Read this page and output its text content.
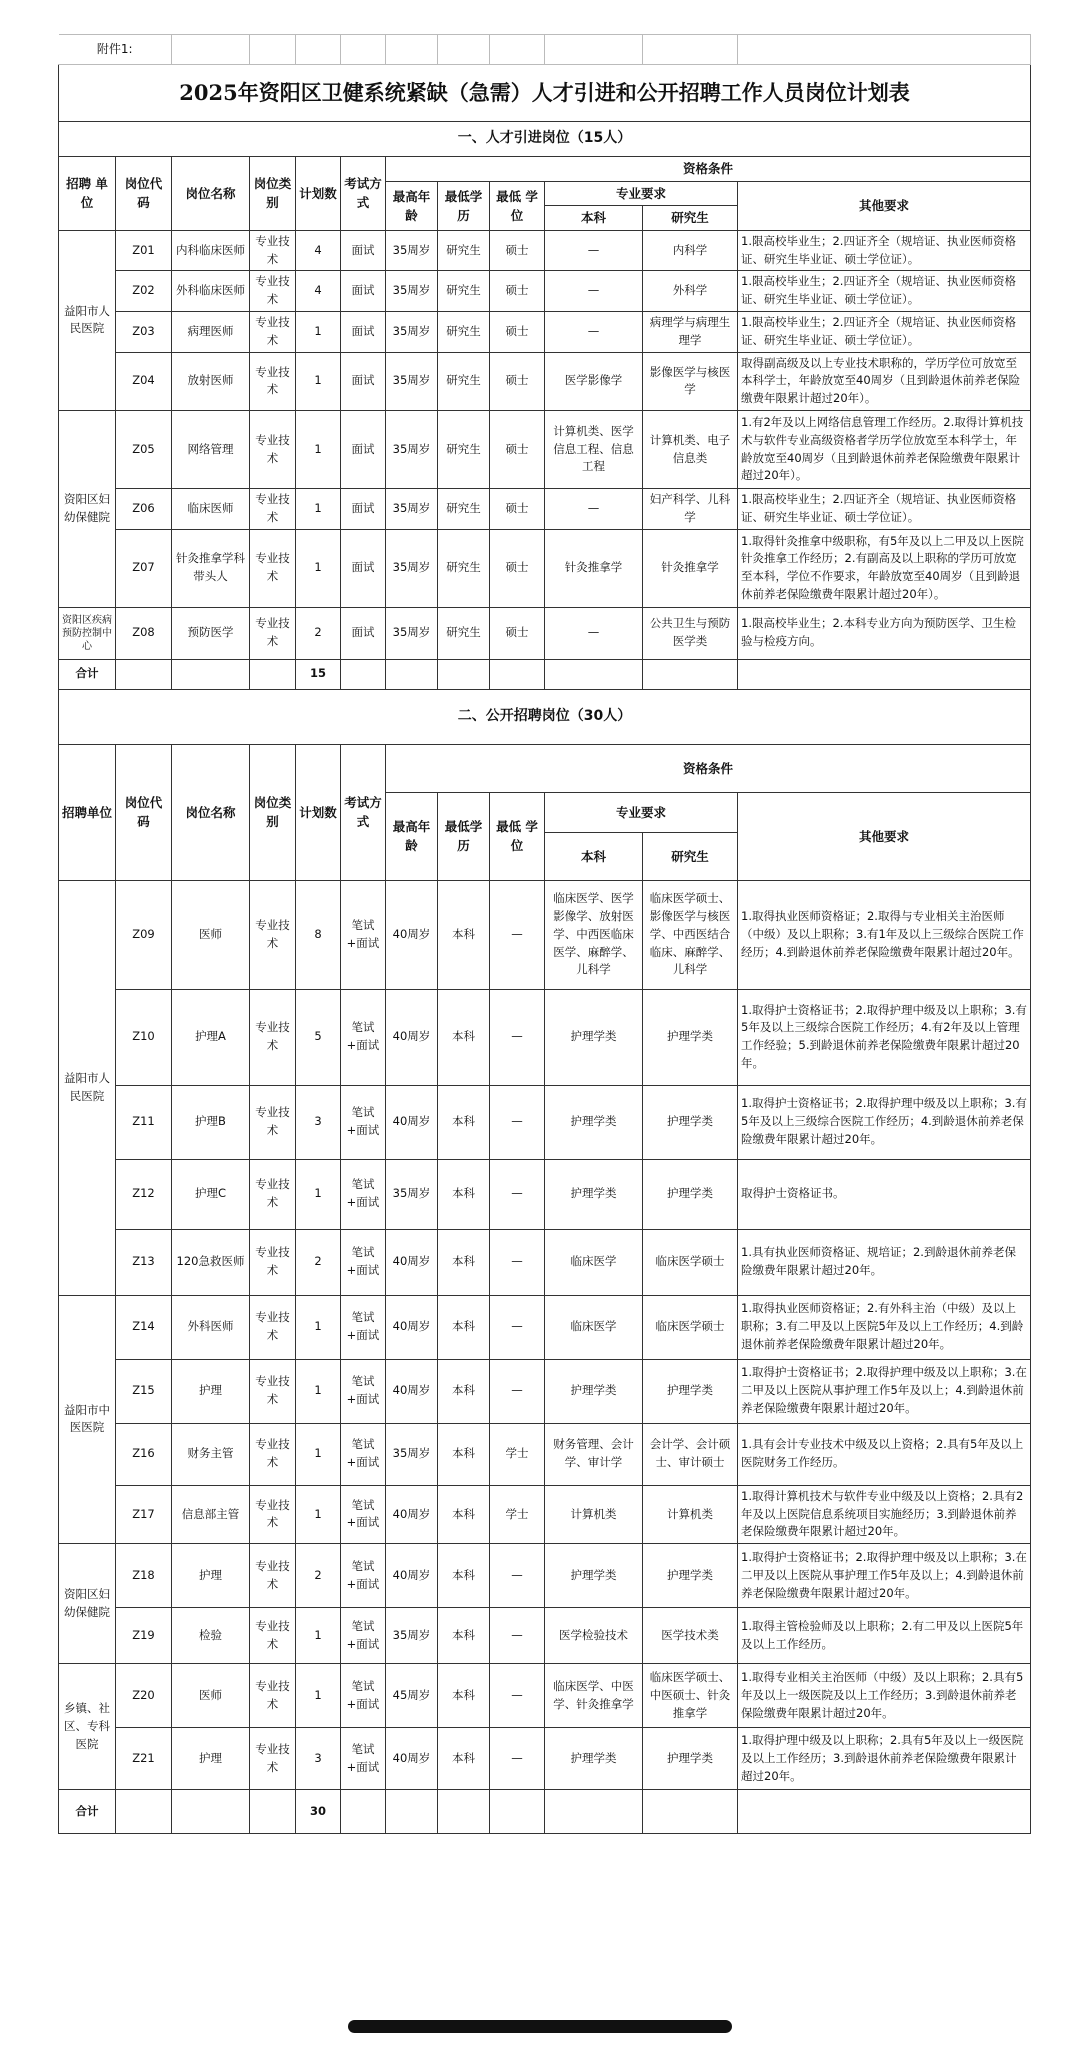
附件1:											
2025年资阳区卫健系统紧缺（急需）人才引进和公开招聘工作人员岗位计划表											
一、人才引进岗位（15人）											
招聘 单位	岗位代码	岗位名称	岗位类别	计划数	考试方式	资格条件					
						最高年龄	最低学历	最低 学位	专业要求		其他要求
									本科	研究生	
益阳市人民医院	Z01	内科临床医师	专业技术	4	面试	35周岁	研究生	硕士	—	内科学	1.限高校毕业生；2.四证齐全（规培证、执业医师资格证、研究生毕业证、硕士学位证）。
	Z02	外科临床医师	专业技术	4	面试	35周岁	研究生	硕士	—	外科学	1.限高校毕业生；2.四证齐全（规培证、执业医师资格证、研究生毕业证、硕士学位证）。
	Z03	病理医师	专业技术	1	面试	35周岁	研究生	硕士	—	病理学与病理生理学	1.限高校毕业生；2.四证齐全（规培证、执业医师资格证、研究生毕业证、硕士学位证）。
	Z04	放射医师	专业技术	1	面试	35周岁	研究生	硕士	医学影像学	影像医学与核医学	取得副高级及以上专业技术职称的，学历学位可放宽至本科学士，年龄放宽至40周岁（且到龄退休前养老保险缴费年限累计超过20年）。
资阳区妇幼保健院	Z05	网络管理	专业技术	1	面试	35周岁	研究生	硕士	计算机类、医学信息工程、信息工程	计算机类、电子信息类	1.有2年及以上网络信息管理工作经历。2.取得计算机技术与软件专业高级资格者学历学位放宽至本科学士，年龄放宽至40周岁（且到龄退休前养老保险缴费年限累计超过20年）。
	Z06	临床医师	专业技术	1	面试	35周岁	研究生	硕士	—	妇产科学、儿科学	1.限高校毕业生；2.四证齐全（规培证、执业医师资格证、研究生毕业证、硕士学位证）。
	Z07	针灸推拿学科带头人	专业技术	1	面试	35周岁	研究生	硕士	针灸推拿学	针灸推拿学	1.取得针灸推拿中级职称，有5年及以上二甲及以上医院针灸推拿工作经历；2.有副高及以上职称的学历可放宽至本科，学位不作要求，年龄放宽至40周岁（且到龄退休前养老保险缴费年限累计超过20年）。
资阳区疾病预防控制中心	Z08	预防医学	专业技术	2	面试	35周岁	研究生	硕士	—	公共卫生与预防医学类	1.限高校毕业生；2.本科专业方向为预防医学、卫生检验与检疫方向。
合计				15							
二、公开招聘岗位（30人）											
招聘单位	岗位代码	岗位名称	岗位类别	计划数	考试方式	资格条件					
						最高年龄	最低学历	最低 学位	专业要求		其他要求
									本科	研究生	
益阳市人民医院	Z09	医师	专业技术	8	笔试+面试	40周岁	本科	—	临床医学、医学影像学、放射医学、中西医临床医学、麻醉学、儿科学	临床医学硕士、影像医学与核医学、中西医结合临床、麻醉学、儿科学	1.取得执业医师资格证；2.取得与专业相关主治医师（中级）及以上职称；3.有1年及以上三级综合医院工作经历；4.到龄退休前养老保险缴费年限累计超过20年。
	Z10	护理A	专业技术	5	笔试+面试	40周岁	本科	—	护理学类	护理学类	1.取得护士资格证书；2.取得护理中级及以上职称；3.有5年及以上三级综合医院工作经历；4.有2年及以上管理工作经验；5.到龄退休前养老保险缴费年限累计超过20年。
	Z11	护理B	专业技术	3	笔试+面试	40周岁	本科	—	护理学类	护理学类	1.取得护士资格证书；2.取得护理中级及以上职称；3.有5年及以上三级综合医院工作经历；4.到龄退休前养老保险缴费年限累计超过20年。
	Z12	护理C	专业技术	1	笔试+面试	35周岁	本科	—	护理学类	护理学类	取得护士资格证书。
	Z13	120急救医师	专业技术	2	笔试+面试	40周岁	本科	—	临床医学	临床医学硕士	1.具有执业医师资格证、规培证；2.到龄退休前养老保险缴费年限累计超过20年。
益阳市中医医院	Z14	外科医师	专业技术	1	笔试+面试	40周岁	本科	—	临床医学	临床医学硕士	1.取得执业医师资格证；2.有外科主治（中级）及以上职称；3.有二甲及以上医院5年及以上工作经历；4.到龄退休前养老保险缴费年限累计超过20年。
	Z15	护理	专业技术	1	笔试+面试	40周岁	本科	—	护理学类	护理学类	1.取得护士资格证书；2.取得护理中级及以上职称；3.在二甲及以上医院从事护理工作5年及以上；4.到龄退休前养老保险缴费年限累计超过20年。
	Z16	财务主管	专业技术	1	笔试+面试	35周岁	本科	学士	财务管理、会计学、审计学	会计学、会计硕士、审计硕士	1.具有会计专业技术中级及以上资格；2.具有5年及以上医院财务工作经历。
	Z17	信息部主管	专业技术	1	笔试+面试	40周岁	本科	学士	计算机类	计算机类	1.取得计算机技术与软件专业中级及以上资格；2.具有2年及以上医院信息系统项目实施经历；3.到龄退休前养老保险缴费年限累计超过20年。
资阳区妇幼保健院	Z18	护理	专业技术	2	笔试+面试	40周岁	本科	—	护理学类	护理学类	1.取得护士资格证书；2.取得护理中级及以上职称；3.在二甲及以上医院从事护理工作5年及以上；4.到龄退休前养老保险缴费年限累计超过20年。
	Z19	检验	专业技术	1	笔试+面试	35周岁	本科	—	医学检验技术	医学技术类	1.取得主管检验师及以上职称；2.有二甲及以上医院5年及以上工作经历。
乡镇、社区、专科医院	Z20	医师	专业技术	1	笔试+面试	45周岁	本科	—	临床医学、中医学、针灸推拿学	临床医学硕士、中医硕士、针灸推拿学	1.取得专业相关主治医师（中级）及以上职称；2.具有5年及以上一级医院及以上工作经历；3.到龄退休前养老保险缴费年限累计超过20年。
	Z21	护理	专业技术	3	笔试+面试	40周岁	本科	—	护理学类	护理学类	1.取得护理中级及以上职称；2.具有5年及以上一级医院及以上工作经历；3.到龄退休前养老保险缴费年限累计超过20年。
合计				30							
